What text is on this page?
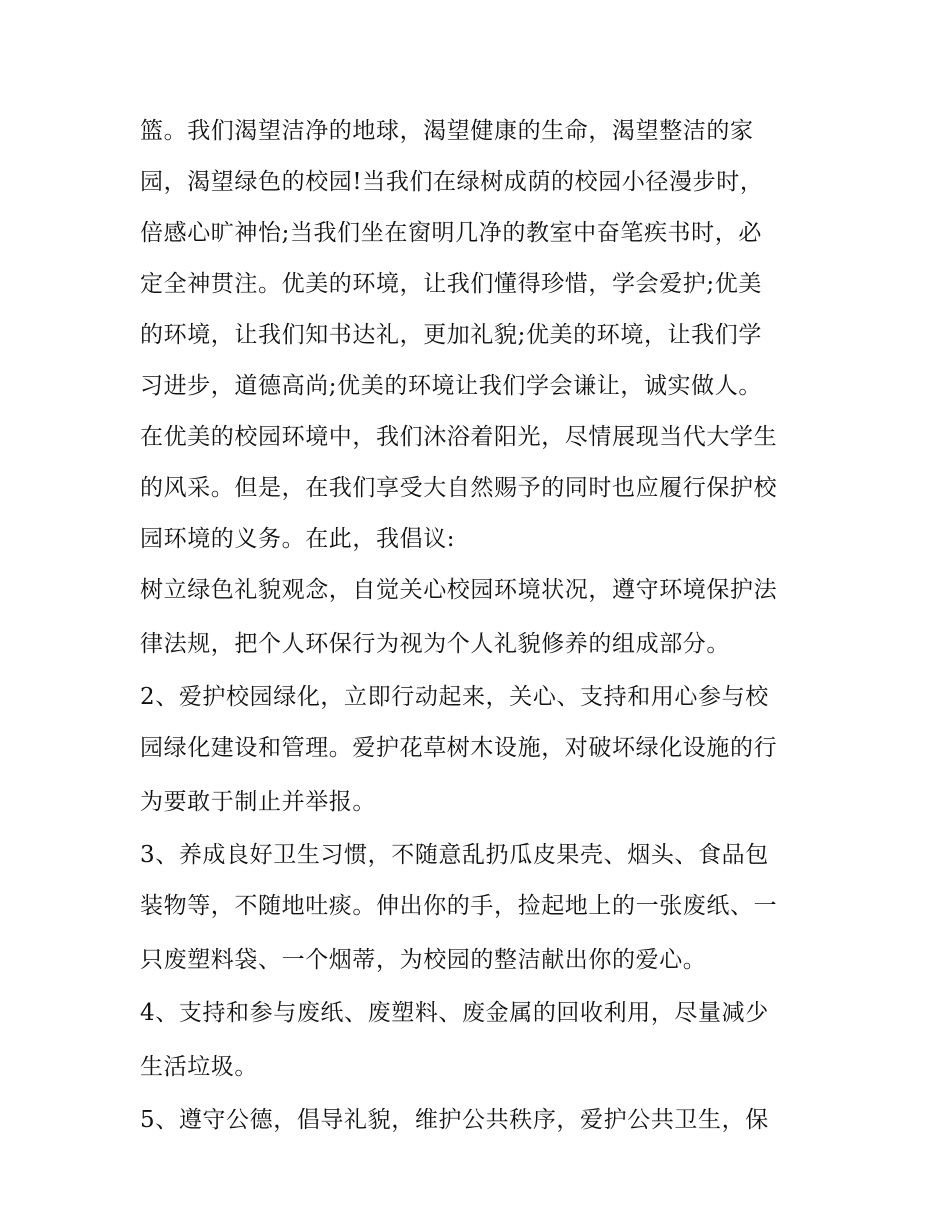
篮。我们渴望洁净的地球，渴望健康的生命，渴望整洁的家
园，渴望绿色的校园!当我们在绿树成荫的校园小径漫步时，
倍感心旷神怡;当我们坐在窗明几净的教室中奋笔疾书时，必
定全神贯注。优美的环境，让我们懂得珍惜，学会爱护;优美
的环境，让我们知书达礼，更加礼貌;优美的环境，让我们学
习进步，道德高尚;优美的环境让我们学会谦让，诚实做人。
在优美的校园环境中，我们沐浴着阳光，尽情展现当代大学生
的风采。但是，在我们享受大自然赐予的同时也应履行保护校
园环境的义务。在此，我倡议:
树立绿色礼貌观念，自觉关心校园环境状况，遵守环境保护法
律法规，把个人环保行为视为个人礼貌修养的组成部分。
2、爱护校园绿化，立即行动起来，关心、支持和用心参与校
园绿化建设和管理。爱护花草树木设施，对破坏绿化设施的行
为要敢于制止并举报。
3、养成良好卫生习惯，不随意乱扔瓜皮果壳、烟头、食品包
装物等，不随地吐痰。伸出你的手，捡起地上的一张废纸、一
只废塑料袋、一个烟蒂，为校园的整洁献出你的爱心。
4、支持和参与废纸、废塑料、废金属的回收利用，尽量减少
生活垃圾。
5、遵守公德，倡导礼貌，维护公共秩序，爱护公共卫生，保
